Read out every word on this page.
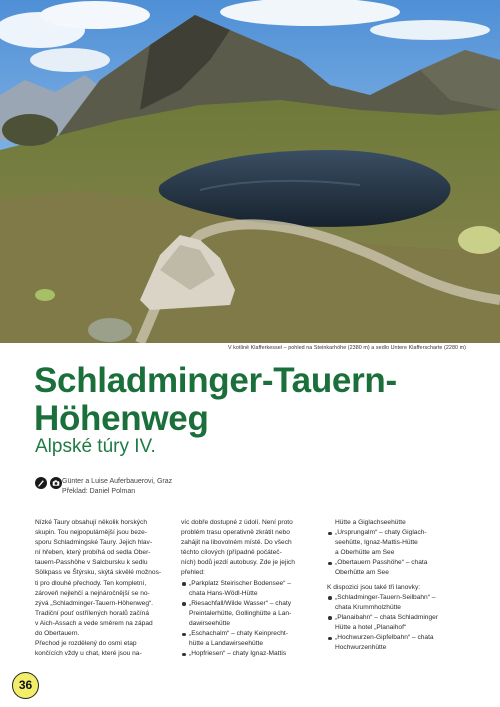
V kotlině Klafferkessel – pohled na Steinkarhöhe (2380 m) a sedlo Untere Klafferscharte (2280 m)
Schladminger-Tauern-
Höhenweg
Alpské túry IV.
Günter a Luise Auferbauerovi, Graz
Překlad: Daniel Polman

Nízké Taury obsahují několik horských

skupin. Tou nejpopulárnější jsou beze-

sporu Schladmingské Taury. Jejich hlav-

ní hřeben, který probíhá od sedla Ober-

tauern-Passhöhe v Salcbursku k sedlu

Sölkpass ve Štýrsku, skýtá skvělé možnos-

ti pro dlouhé přechody. Ten kompletní,

zároveň nejlehčí a nejnáročnější se no-

zývá „Schladminger-Tauern-Höhenweg“.

Tradiční pouť ostřílených horalů začíná

v Aich-Assach a vede směrem na západ

do Obertauern.

Přechod je rozdělený do osmi etap

končících vždy u chat, které jsou na-

víc dobře dostupné z údolí. Není proto

problém trasu operativně zkrátit nebo

zahájit na libovolném místě. Do všech

těchto cílových (případně počáteč-

ních) bodů jezdí autobusy. Zde je jejich

přehled:

„Parkplatz Steirischer Bodensee“ –
chata Hans-Wödl-Hütte
„Riesachfall/Wilde Wasser“ – chaty
Preintalerhütte, Gollinghütte a Lan-
dawirseehütte
„Eschachalm“ – chaty Keinprecht-
hütte a Landawirseehütte
„Hopfriesen“ – chaty Ignaz-Mattis

Hütte a Giglachseehütte

„Ursprungalm“ – chaty Giglach-
seehütte, Ignaz-Mattis-Hütte
a Oberhütte am See
„Obertauern Passhöhe“ – chata
Oberhütte am See

K dispozici jsou také tři lanovky:

„Schladminger-Tauern-Seilbahn“ –
chata Krummholzhütte
„Planaibahn“ – chata Schladminger
Hütte a hotel „Planaihof“
„Hochwurzen-Gipfelbahn“ – chata
Hochwurzenhütte
36
